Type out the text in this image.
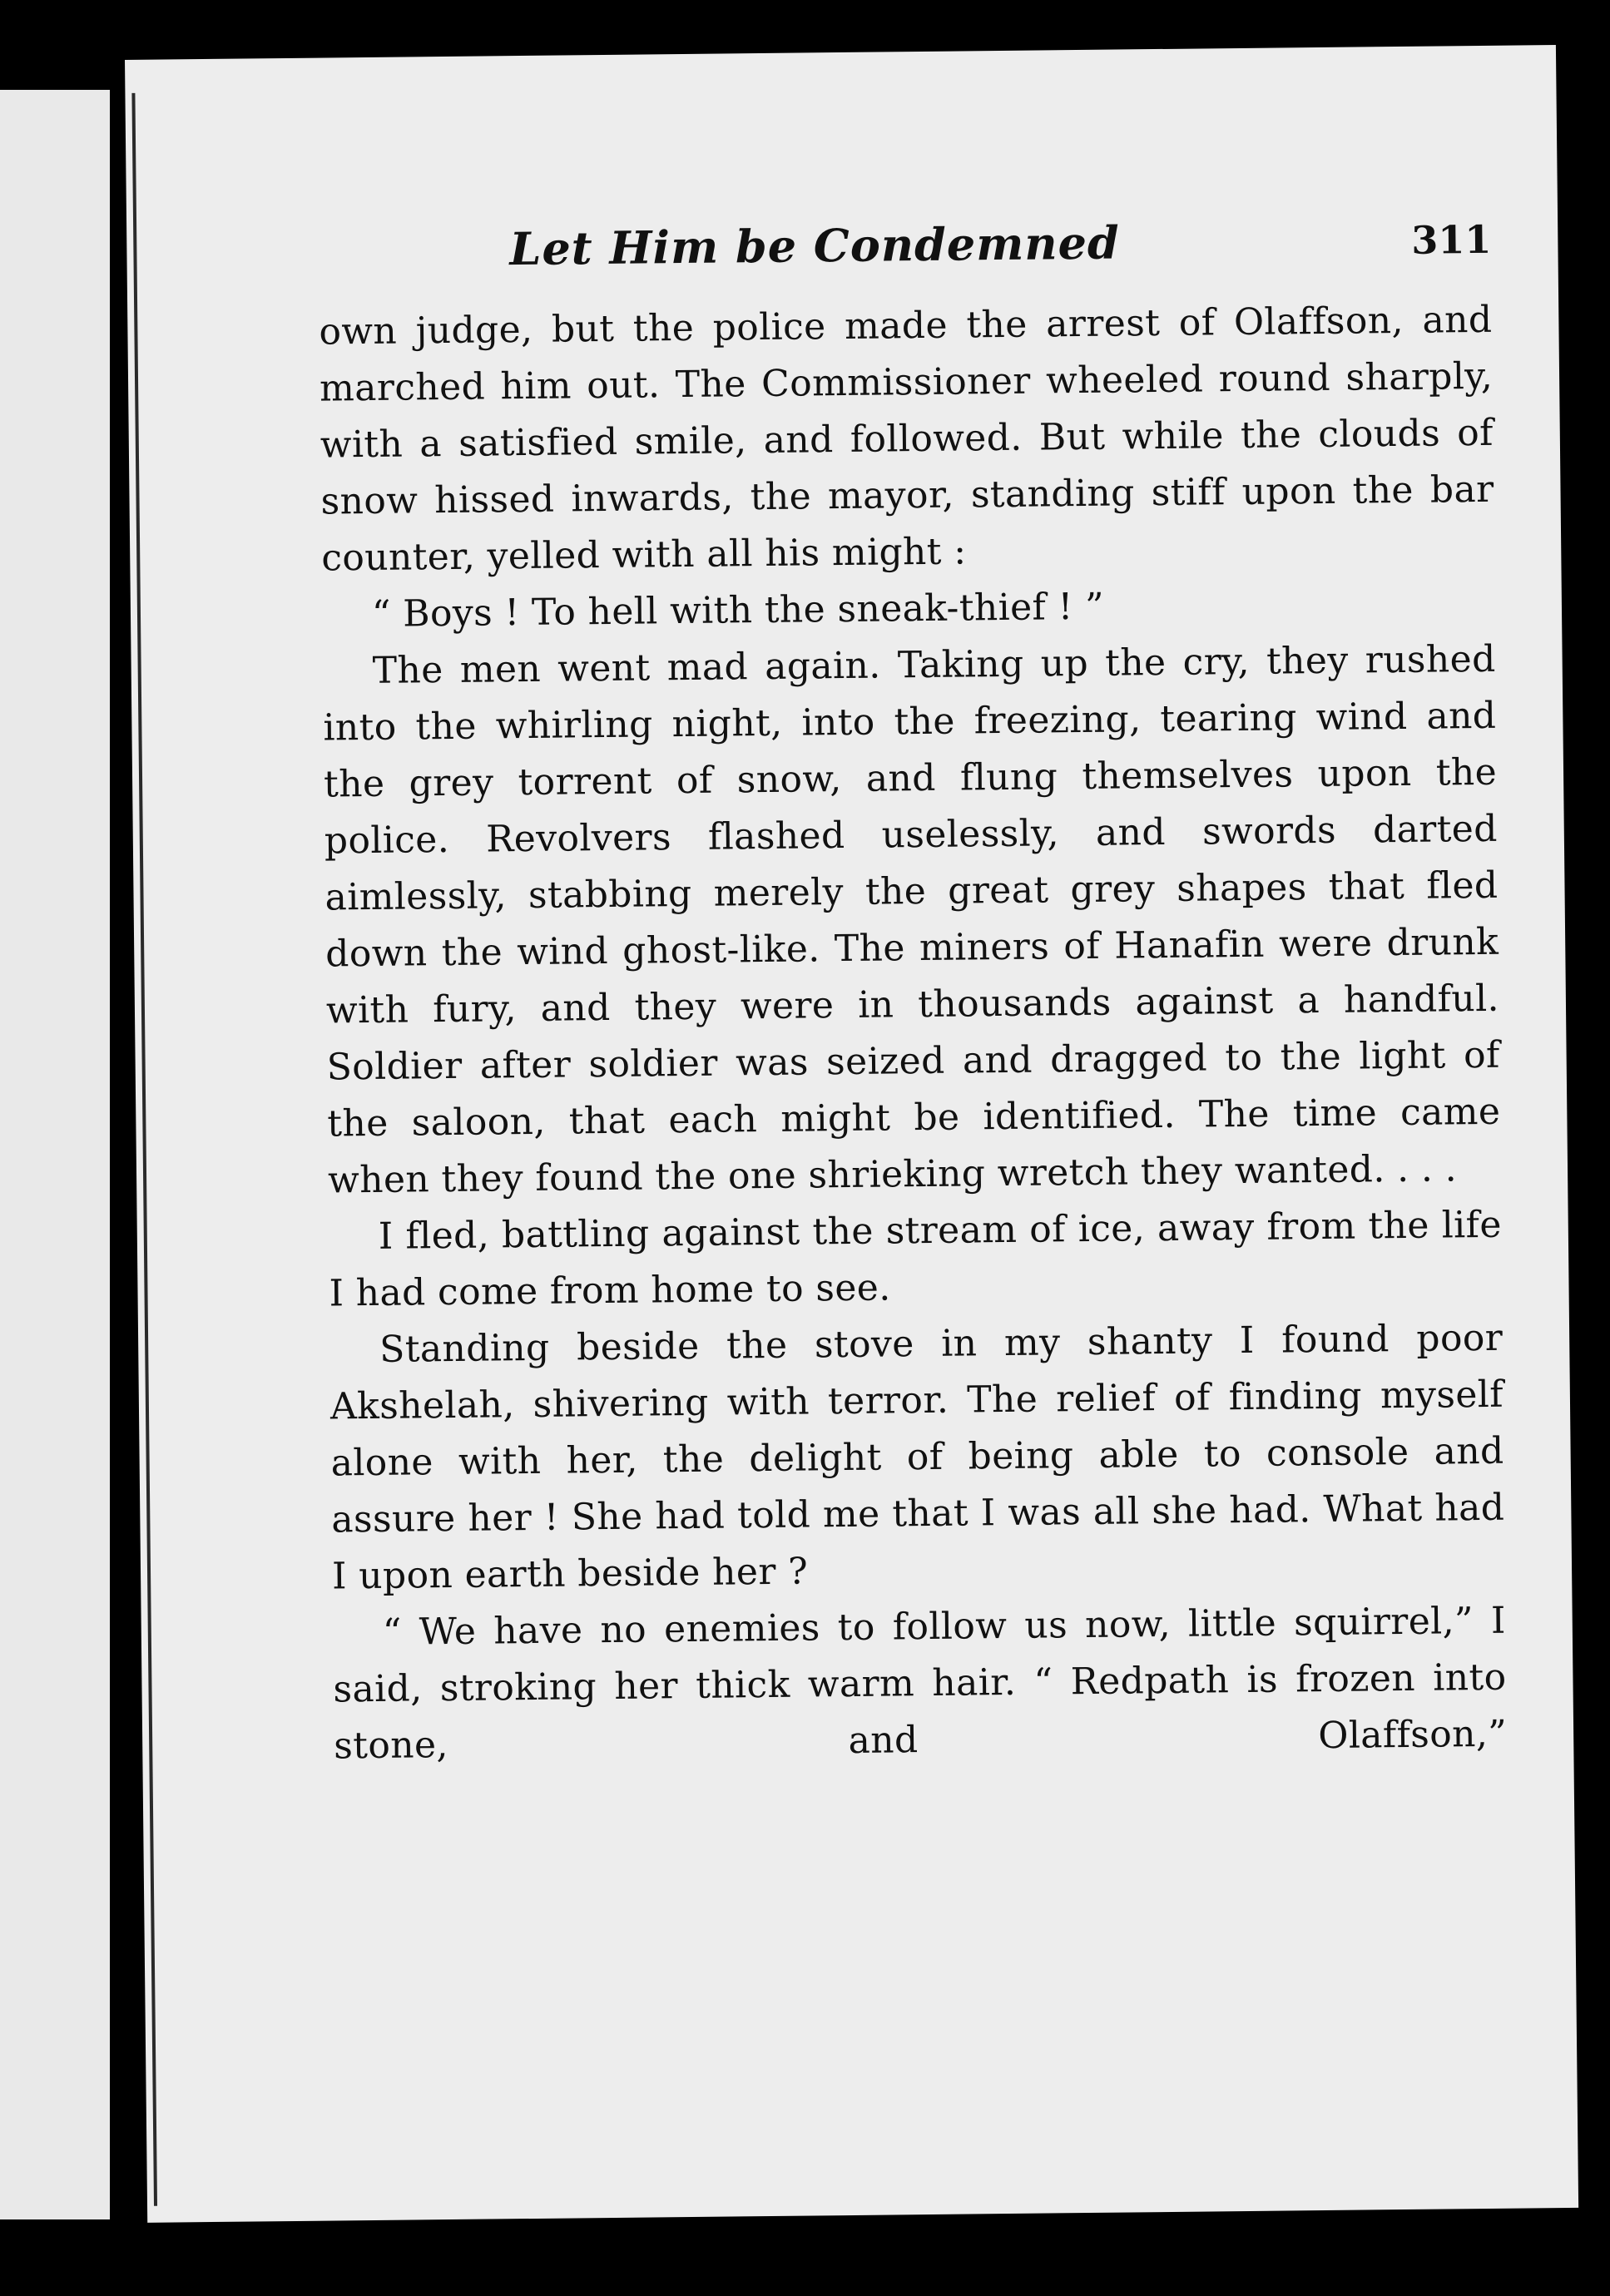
Let Him be Condemned	311

own judge, but the police made the arrest of Olaffson, and marched him out. The Commissioner wheeled round sharply, with a satisfied smile, and followed. But while the clouds of snow hissed inwards, the mayor, standing stiff upon the bar counter, yelled with all his might :

“ Boys ! To hell with the sneak-thief ! ”

The men went mad again. Taking up the cry, they rushed into the whirling night, into the freezing, tearing wind and the grey torrent of snow, and flung themselves upon the police. Revolvers flashed uselessly, and swords darted aimlessly, stabbing merely the great grey shapes that fled down the wind ghost-like. The miners of Hanafin were drunk with fury, and they were in thousands against a handful. Soldier after soldier was seized and dragged to the light of the saloon, that each might be identified. The time came when they found the one shrieking wretch they wanted. . . .

I fled, battling against the stream of ice, away from the life I had come from home to see.

Standing beside the stove in my shanty I found poor Akshelah, shivering with terror. The relief of finding myself alone with her, the delight of being able to console and assure her ! She had told me that I was all she had. What had I upon earth beside her ?

“ We have no enemies to follow us now, little squirrel,” I said, stroking her thick warm hair. “ Redpath is frozen into stone, and Olaffson,”
